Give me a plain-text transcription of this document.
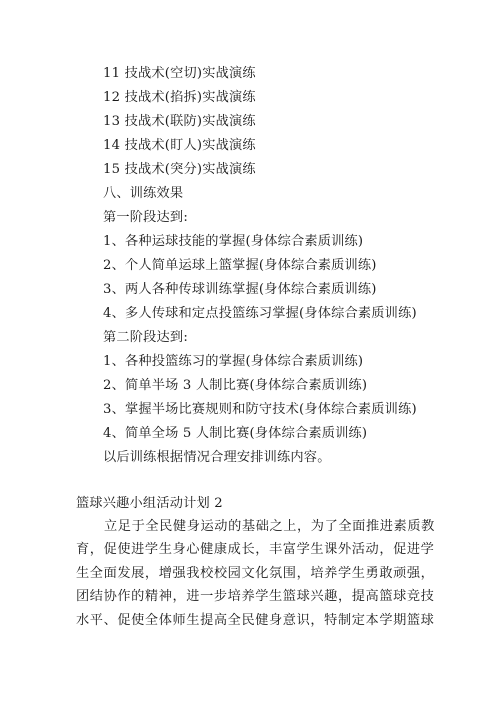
11 技战术(空切)实战演练
12 技战术(掐拆)实战演练
13 技战术(联防)实战演练
14 技战术(盯人)实战演练
15 技战术(突分)实战演练
八、训练效果
第一阶段达到:
1、各种运球技能的掌握(身体综合素质训练)
2、个人简单运球上篮掌握(身体综合素质训练)
3、两人各种传球训练掌握(身体综合素质训练)
4、多人传球和定点投篮练习掌握(身体综合素质训练)
第二阶段达到:
1、各种投篮练习的掌握(身体综合素质训练)
2、简单半场 3 人制比赛(身体综合素质训练)
3、掌握半场比赛规则和防守技术(身体综合素质训练)
4、简单全场 5 人制比赛(身体综合素质训练)
以后训练根据情况合理安排训练内容。
篮球兴趣小组活动计划 2
立足于全民健身运动的基础之上，为了全面推进素质教
育，促使进学生身心健康成长，丰富学生课外活动，促进学
生全面发展，增强我校校园文化氛围，培养学生勇敢顽强，
团结协作的精神，进一步培养学生篮球兴趣，提高篮球竞技
水平、促使全体师生提高全民健身意识，特制定本学期篮球
